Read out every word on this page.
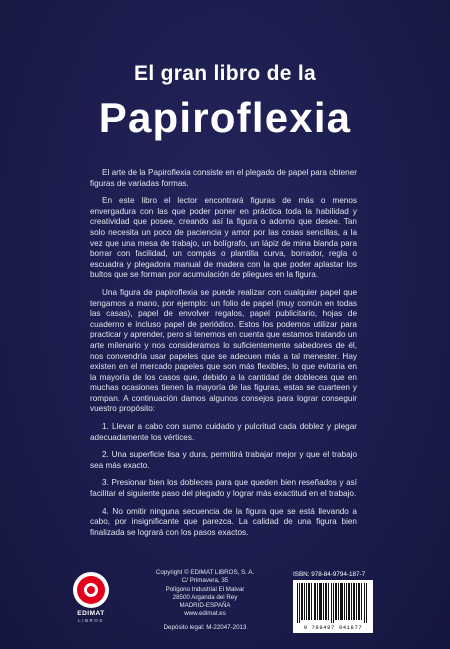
El gran libro de la
Papiroflexia

El arte de la Papiroflexia consiste en el plegado de papel para obtener figuras de variadas formas.

En este libro el lector encontrará figuras de más o menos envergadura con las que poder poner en práctica toda la habilidad y creatividad que posee, creando así la figura o adorno que desee. Tan solo necesita un poco de paciencia y amor por las cosas sencillas, a la vez que una mesa de trabajo, un bolígrafo, un lápiz de mina blanda para borrar con facilidad, un compás o plantilla curva, borrador, regla o escuadra y plegadora manual de madera con la que poder aplastar los bultos que se forman por acumulación de pliegues en la figura.

Una figura de papiroflexia se puede realizar con cualquier papel que tengamos a mano, por ejemplo: un folio de papel (muy común en todas las casas), papel de envolver regalos, papel publicitario, hojas de cuaderno e incluso papel de periódico. Estos los podemos utilizar para practicar y aprender, pero si tenemos en cuenta que estamos tratando un arte milenario y nos consideramos lo suficientemente sabedores de él, nos convendría usar papeles que se adecuen más a tal menester. Hay existen en el mercado papeles que son más flexibles, lo que evitaría en la mayoría de los casos que, debido a la cantidad de dobleces que en muchas ocasiones tienen la mayoría de las figuras, estas se cuarteen y rompan. A continuación damos algunos consejos para lograr conseguir vuestro propósito:

1. Llevar a cabo con sumo cuidado y pulcritud cada doblez y plegar adecuadamente los vértices.

2. Una superficie lisa y dura, permitirá trabajar mejor y que el trabajo sea más exacto.

3. Presionar bien los dobleces para que queden bien reseñados y así facilitar el siguiente paso del plegado y lograr más exactitud en el trabajo.

4. No omitir ninguna secuencia de la figura que se está llevando a cabo, por insignificante que parezca. La calidad de una figura bien finalizada se logrará con los pasos exactos.

EDIMAT
LIBROS
Copyright © EDIMAT LIBROS, S. A.
C/ Primavera, 35
Polígono Industrial El Malvar
28500 Arganda del Rey
MADRID-ESPAÑA
www.edimat.es
Depósito legal: M-22047-2013
ISBN: 978-84-9794-187-7
9 788497 941877
